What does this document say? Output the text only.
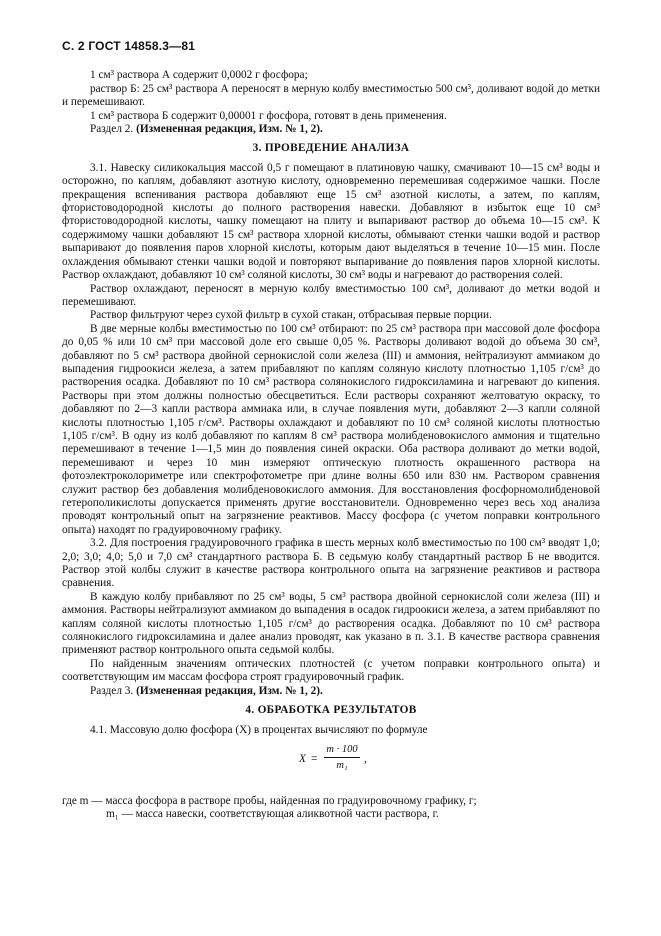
С. 2 ГОСТ 14858.3—81

1 см³ раствора А содержит 0,0002 г фосфора;

раствор Б: 25 см³ раствора А переносят в мерную колбу вместимостью 500 см³, доливают водой до метки и перемешивают.

1 см³ раствора Б содержит 0,00001 г фосфора, готовят в день применения.

Раздел 2. (Измененная редакция, Изм. № 1, 2).

3. ПРОВЕДЕНИЕ АНАЛИЗА

3.1. Навеску силикокальция массой 0,5 г помещают в платиновую чашку, смачивают 10—15 см³ воды и осторожно, по каплям, добавляют азотную кислоту, одновременно перемешивая содержимое чашки. После прекращения вспенивания раствора добавляют еще 15 см³ азотной кислоты, а затем, по каплям, фтористоводородной кислоты до полного растворения навески. Добавляют в избыток еще 10 см³ фтористоводородной кислоты, чашку помещают на плиту и выпаривают раствор до объема 10—15 см³. К содержимому чашки добавляют 15 см³ раствора хлорной кислоты, обмывают стенки чашки водой и раствор выпаривают до появления паров хлорной кислоты, которым дают выделяться в течение 10—15 мин. После охлаждения обмывают стенки чашки водой и повторяют выпаривание до появления паров хлорной кислоты. Раствор охлаждают, добавляют 10 см³ соляной кислоты, 30 см³ воды и нагревают до растворения солей.

Раствор охлаждают, переносят в мерную колбу вместимостью 100 см³, доливают до метки водой и перемешивают.

Раствор фильтруют через сухой фильтр в сухой стакан, отбрасывая первые порции.

В две мерные колбы вместимостью по 100 см³ отбирают: по 25 см³ раствора при массовой доле фосфора до 0,05 % или 10 см³ при массовой доле его свыше 0,05 %. Растворы доливают водой до объема 30 см³, добавляют по 5 см³ раствора двойной сернокислой соли железа (III) и аммония, нейтрализуют аммиаком до выпадения гидроокиси железа, а затем прибавляют по каплям соляную кислоту плотностью 1,105 г/см³ до растворения осадка. Добавляют по 10 см³ раствора солянокислого гидроксиламина и нагревают до кипения. Растворы при этом должны полностью обесцветиться. Если растворы сохраняют желтоватую окраску, то добавляют по 2—3 капли раствора аммиака или, в случае появления мути, добавляют 2—3 капли соляной кислоты плотностью 1,105 г/см³. Растворы охлаждают и добавляют по 10 см³ соляной кислоты плотностью 1,105 г/см³. В одну из колб добавляют по каплям 8 см³ раствора молибденовокислого аммония и тщательно перемешивают в течение 1—1,5 мин до появления синей окраски. Оба раствора доливают до метки водой, перемешивают и через 10 мин измеряют оптическую плотность окрашенного раствора на фотоэлектроколориметре или спектрофотометре при длине волны 650 или 830 нм. Раствором сравнения служит раствор без добавления молибденовокислого аммония. Для восстановления фосфорномолибденовой гетерополикислоты допускается применять другие восстановители. Одновременно через весь ход анализа проводят контрольный опыт на загрязнение реактивов. Массу фосфора (с учетом поправки контрольного опыта) находят по градуировочному графику.

3.2. Для построения градуировочного графика в шесть мерных колб вместимостью по 100 см³ вводят 1,0; 2,0; 3,0; 4,0; 5,0 и 7,0 см³ стандартного раствора Б. В седьмую колбу стандартный раствор Б не вводится. Раствор этой колбы служит в качестве раствора контрольного опыта на загрязнение реактивов и раствора сравнения.

В каждую колбу прибавляют по 25 см³ воды, 5 см³ раствора двойной сернокислой соли железа (III) и аммония. Растворы нейтрализуют аммиаком до выпадения в осадок гидроокиси железа, а затем прибавляют по каплям соляной кислоты плотностью 1,105 г/см³ до растворения осадка. Добавляют по 10 см³ раствора солянокислого гидроксиламина и далее анализ проводят, как указано в п. 3.1. В качестве раствора сравнения применяют раствор контрольного опыта седьмой колбы.

По найденным значениям оптических плотностей (с учетом поправки контрольного опыта) и соответствующим им массам фосфора строят градуировочный график.

Раздел 3. (Измененная редакция, Изм. № 1, 2).

4. ОБРАБОТКА РЕЗУЛЬТАТОВ

4.1. Массовую долю фосфора (X) в процентах вычисляют по формуле

$X = \frac{m \cdot 100}{\text{m₁}}$ ,

где m — масса фосфора в растворе пробы, найденная по градуировочному графику, г;

m₁ — масса навески, соответствующая аликвотной части раствора, г.
